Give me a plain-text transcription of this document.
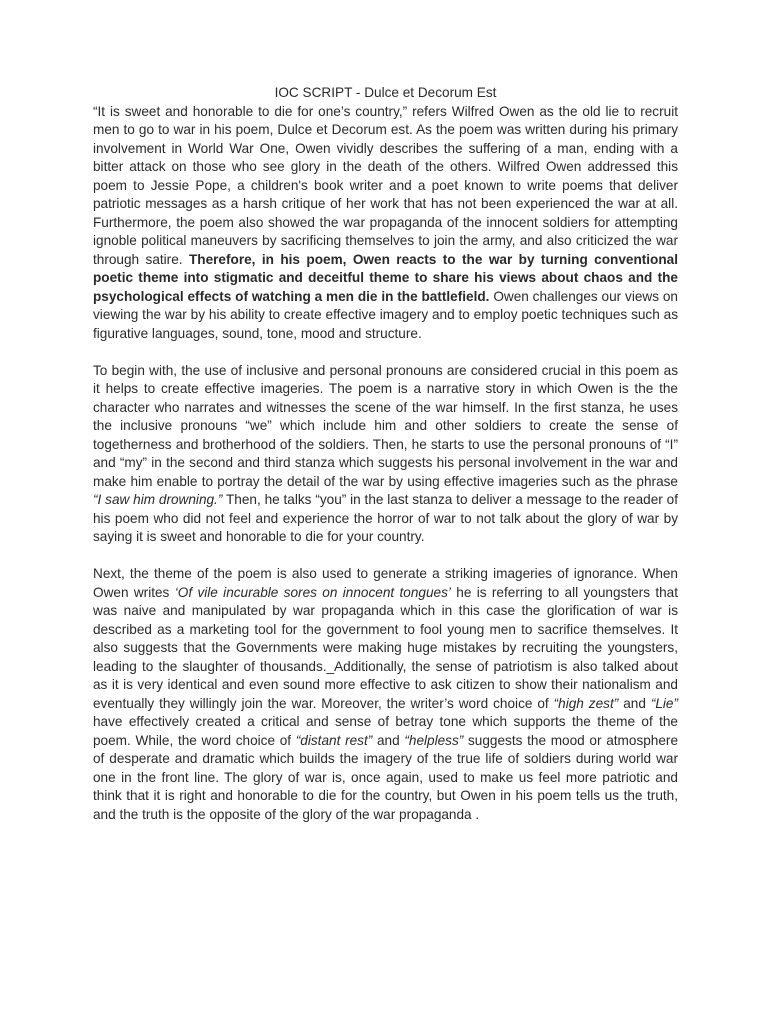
IOC SCRIPT - Dulce et Decorum Est

“It is sweet and honorable to die for one’s country,” refers Wilfred Owen as the old lie to recruit men to go to war in his poem, Dulce et Decorum est. As the poem was written during his primary involvement in World War One, Owen vividly describes the suffering of a man, ending with a bitter attack on those who see glory in the death of the others. Wilfred Owen addressed this poem to Jessie Pope, a children's book writer and a poet known to write poems that deliver patriotic messages as a harsh critique of her work that has not been experienced the war at all. Furthermore, the poem also showed the war propaganda of the innocent soldiers for attempting ignoble political maneuvers by sacrificing themselves to join the army, and also criticized the war through satire. Therefore, in his poem, Owen reacts to the war by turning conventional poetic theme into stigmatic and deceitful theme to share his views about chaos and the psychological effects of watching a men die in the battlefield. Owen challenges our views on viewing the war by his ability to create effective imagery and to employ poetic techniques such as figurative languages, sound, tone, mood and structure.

To begin with, the use of inclusive and personal pronouns are considered crucial in this poem as it helps to create effective imageries. The poem is a narrative story in which Owen is the the character who narrates and witnesses the scene of the war himself. In the first stanza, he uses the inclusive pronouns “we” which include him and other soldiers to create the sense of togetherness and brotherhood of the soldiers. Then, he starts to use the personal pronouns of “I” and “my” in the second and third stanza which suggests his personal involvement in the war and make him enable to portray the detail of the war by using effective imageries such as the phrase “I saw him drowning.” Then, he talks “you” in the last stanza to deliver a message to the reader of his poem who did not feel and experience the horror of war to not talk about the glory of war by saying it is sweet and honorable to die for your country.

Next, the theme of the poem is also used to generate a striking imageries of ignorance. When Owen writes ‘Of vile incurable sores on innocent tongues’ he is referring to all youngsters that was naive and manipulated by war propaganda which in this case the glorification of war is described as a marketing tool for the government to fool young men to sacrifice themselves. It also suggests that the Governments were making huge mistakes by recruiting the youngsters, leading to the slaughter of thousands._Additionally, the sense of patriotism is also talked about as it is very identical and even sound more effective to ask citizen to show their nationalism and eventually they willingly join the war. Moreover, the writer’s word choice of “high zest” and “Lie” have effectively created a critical and sense of betray tone which supports the theme of the poem. While, the word choice of “distant rest” and “helpless” suggests the mood or atmosphere of desperate and dramatic which builds the imagery of the true life of soldiers during world war one in the front line. The glory of war is, once again, used to make us feel more patriotic and think that it is right and honorable to die for the country, but Owen in his poem tells us the truth, and the truth is the opposite of the glory of the war propaganda .
